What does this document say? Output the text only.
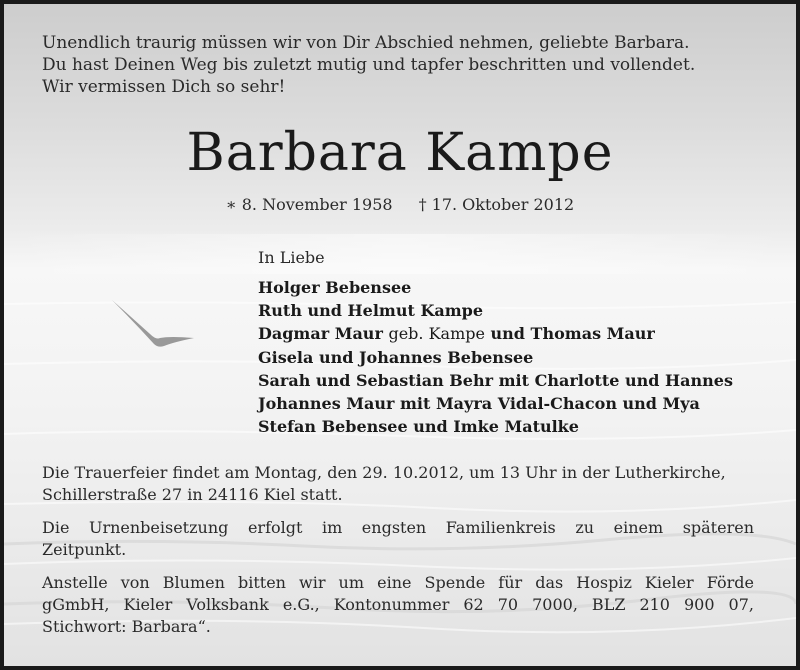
Unendlich traurig müssen wir von Dir Abschied nehmen, geliebte Barbara.
Du hast Deinen Weg bis zuletzt mutig und tapfer beschritten und vollendet.
Wir vermissen Dich so sehr!
Barbara Kampe
∗ 8. November 1958 † 17. Oktober 2012
In Liebe
Holger Bebensee
Ruth und Helmut Kampe
Dagmar Maur geb. Kampe und Thomas Maur
Gisela und Johannes Bebensee
Sarah und Sebastian Behr mit Charlotte und Hannes
Johannes Maur mit Mayra Vidal-Chacon und Mya
Stefan Bebensee und Imke Matulke
Die Trauerfeier findet am Montag, den 29. 10.2012, um 13 Uhr in der Lutherkirche,
Schillerstraße 27 in 24116 Kiel statt.
Die Urnenbeisetzung erfolgt im engsten Familienkreis zu einem späteren
Zeitpunkt.
Anstelle von Blumen bitten wir um eine Spende für das Hospiz Kieler Förde
gGmbH, Kieler Volksbank e.G., Kontonummer 62 70 7000, BLZ 210 900 07,
Stichwort: Barbara“.
